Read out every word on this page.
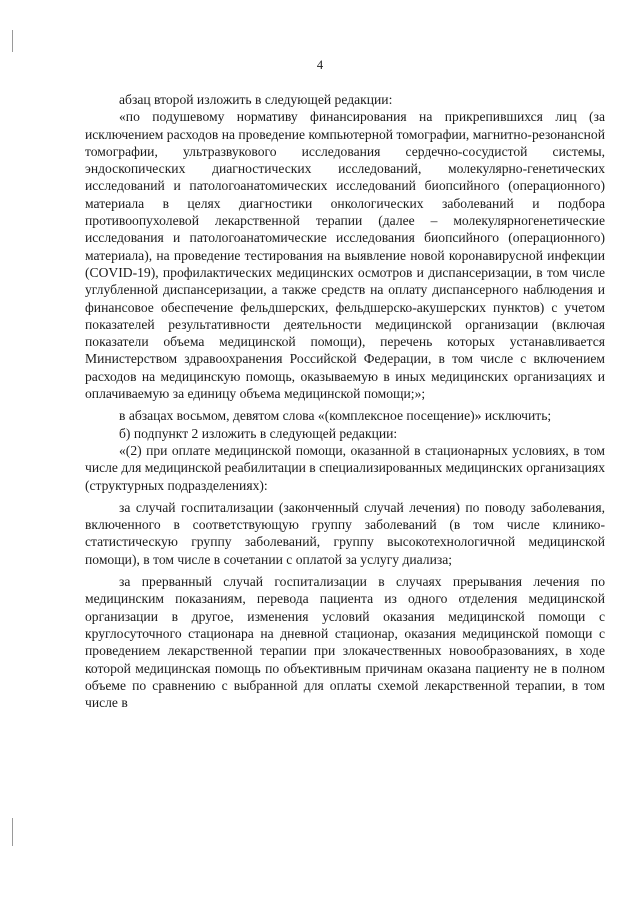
4

абзац второй изложить в следующей редакции:

«по подушевому нормативу финансирования на прикрепившихся лиц (за исключением расходов на проведение компьютерной томографии, магнитно-резонансной томографии, ультразвукового исследования сердечно-сосудистой системы, эндоскопических диагностических исследований, молекулярно-генетических исследований и патологоанатомических исследований биопсийного (операционного) материала в целях диагностики онкологических заболеваний и подбора противоопухолевой лекарственной терапии (далее – молекулярногенетические исследования и патологоанатомические исследования биопсийного (операционного) материала), на проведение тестирования на выявление новой коронавирусной инфекции (COVID-19), профилактических медицинских осмотров и диспансеризации, в том числе углубленной диспансеризации, а также средств на оплату диспансерного наблюдения и финансовое обеспечение фельдшерских, фельдшерско-акушерских пунктов) с учетом показателей результативности деятельности медицинской организации (включая показатели объема медицинской помощи), перечень которых устанавливается Министерством здравоохранения Российской Федерации, в том числе с включением расходов на медицинскую помощь, оказываемую в иных медицинских организациях и оплачиваемую за единицу объема медицинской помощи;»;

в абзацах восьмом, девятом слова «(комплексное посещение)» исключить;

б) подпункт 2 изложить в следующей редакции:

«(2) при оплате медицинской помощи, оказанной в стационарных условиях, в том числе для медицинской реабилитации в специализированных медицинских организациях (структурных подразделениях):

за случай госпитализации (законченный случай лечения) по поводу заболевания, включенного в соответствующую группу заболеваний (в том числе клинико-статистическую группу заболеваний, группу высокотехнологичной медицинской помощи), в том числе в сочетании с оплатой за услугу диализа;

за прерванный случай госпитализации в случаях прерывания лечения по медицинским показаниям, перевода пациента из одного отделения медицинской организации в другое, изменения условий оказания медицинской помощи с круглосуточного стационара на дневной стационар, оказания медицинской помощи с проведением лекарственной терапии при злокачественных новообразованиях, в ходе которой медицинская помощь по объективным причинам оказана пациенту не в полном объеме по сравнению с выбранной для оплаты схемой лекарственной терапии, в том числе в
